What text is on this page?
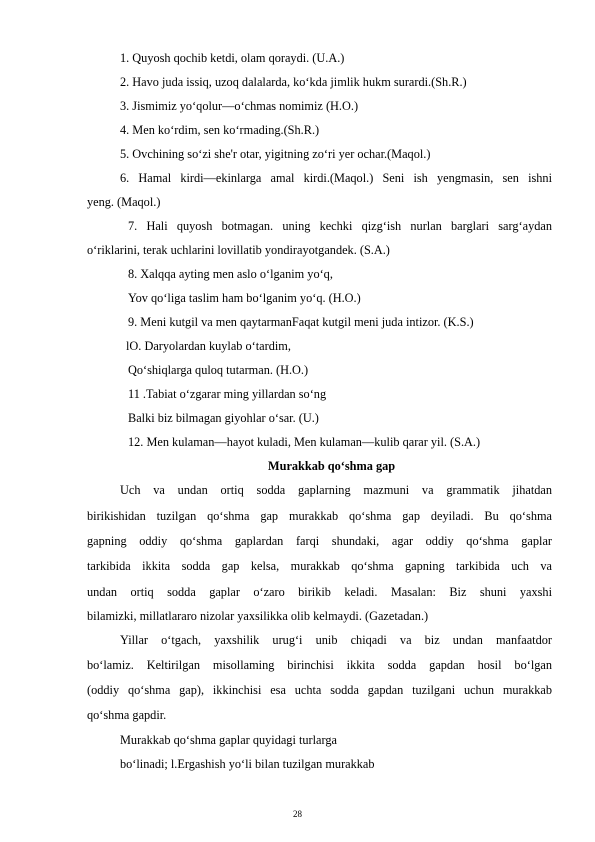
1. Quyosh qochib ketdi, olam qoraydi. (U.A.)
2. Havo juda issiq, uzoq dalalarda, ko‘kda jimlik hukm surardi.(Sh.R.)
3. Jismimiz yo‘qolur—o‘chmas nomimiz (H.O.)
4. Men ko‘rdim, sen ko‘rmading.(Sh.R.)
5. Ovchining so‘zi she'r otar, yigitning zo‘ri yer ochar.(Maqol.)
6. Hamal kirdi—ekinlarga amal kirdi.(Maqol.) Seni ish yengmasin, sen ishni
yeng. (Maqol.)
7. Hali quyosh botmagan. uning kechki qizg‘ish nurlan barglari sarg‘aydan
o‘riklarini, terak uchlarini lovillatib yondirayotgandek. (S.A.)
8. Xalqqa ayting men aslo o‘lganim yo‘q,
Yov qo‘liga taslim ham bo‘lganim yo‘q. (H.O.)
9. Meni kutgil va men qaytarmanFaqat kutgil meni juda intizor. (K.S.)
Murakkab qo‘shma gap
Uch va undan ortiq sodda gaplarning mazmuni va grammatik jihatdan
birikishidan tuzilgan qo‘shma gap murakkab qo‘shma gap deyiladi. Bu qo‘shma
gapning oddiy qo‘shma gaplardan farqi shundaki, agar oddiy qo‘shma gaplar
tarkibida ikkita sodda gap kelsa, murakkab qo‘shma gapning tarkibida uch va
undan ortiq sodda gaplar o‘zaro birikib keladi. Masalan: Biz shuni yaxshi
bilamizki, millatlararo nizolar yaxsilikka olib kelmaydi. (Gazetadan.)
Yillar o‘tgach, yaxshilik urug‘i unib chiqadi va biz undan manfaatdor
bo‘lamiz. Keltirilgan misollaming birinchisi ikkita sodda gapdan hosil bo‘lgan
(oddiy qo‘shma gap), ikkinchisi esa uchta sodda gapdan tuzilgani uchun murakkab
qo‘shma gapdir.
Murakkab qo‘shma gaplar quyidagi turlarga
bo‘linadi; l.Ergashish yo‘li bilan tuzilgan murakkab
28
lO. Daryolardan kuylab o‘tardim,
Qo‘shiqlarga quloq tutarman. (H.O.)
11 .Tabiat o‘zgarar ming yillardan so‘ng
Balki biz bilmagan giyohlar o‘sar. (U.)
12. Men kulaman—hayot kuladi, Men kulaman—kulib qarar yil. (S.A.)
